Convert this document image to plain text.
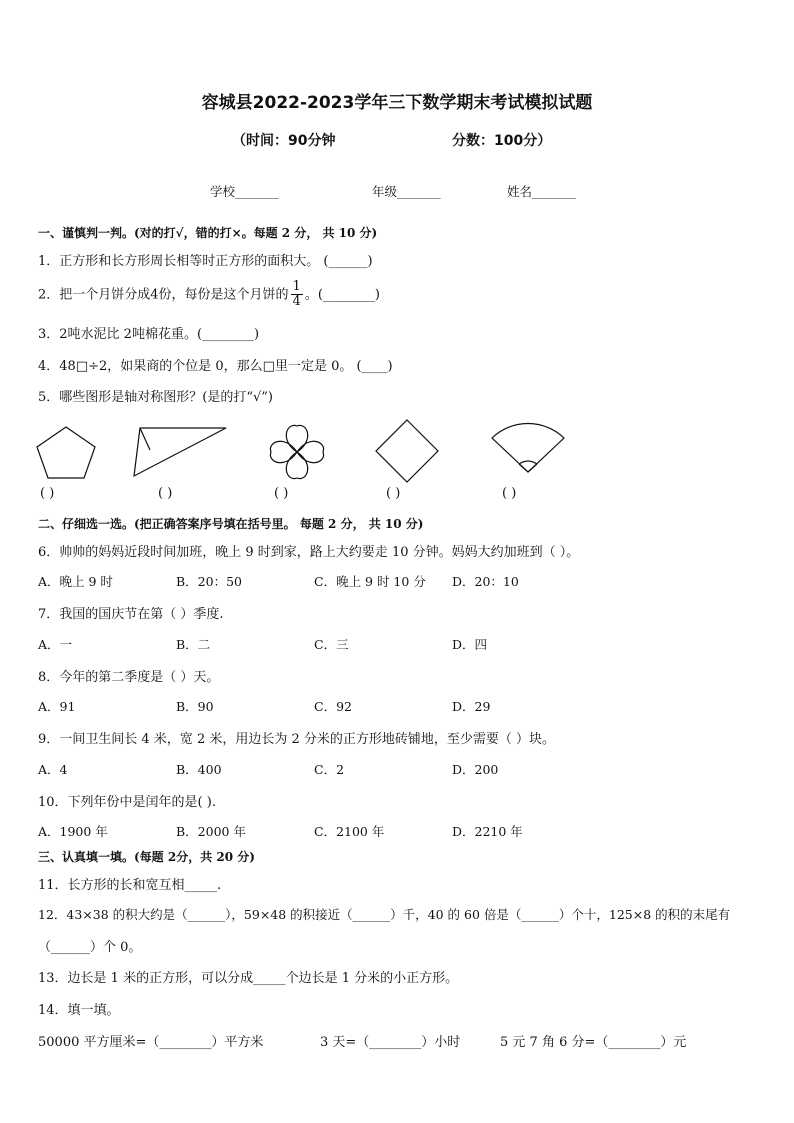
容城县2022-2023学年三下数学期末考试模拟试题
（时间：90分钟	分数：100分）
学校_______	年级_______	姓名_______
一、谨慎判一判。(对的打√，错的打×。每题 2 分， 共 10 分)
1．正方形和长方形周长相等时正方形的面积大。 (______)
2．把一个月饼分成4份，每份是这个月饼的 $\frac{1}{4}$ 。(________)
3．2吨水泥比 2吨棉花重。(________)
4．48□÷2，如果商的个位是 0，那么□里一定是 0。 (____)
5．哪些图形是轴对称图形？(是的打“√”)
( )	( )	( )	( )	( )
二、仔细选一选。(把正确答案序号填在括号里。 每题 2 分， 共 10 分)
6．帅帅的妈妈近段时间加班，晚上 9 时到家，路上大约要走 10 分钟。妈妈大约加班到（ ）。
A．晚上 9 时	B．20：50	C．晚上 9 时 10 分 D．20：10
7．我国的国庆节在第（ ）季度.
A．一	B．二	C．三	D．四
8．今年的第二季度是（ ）天。
A．91	B．90	C．92	D．29
9．一间卫生间长 4 米，宽 2 米，用边长为 2 分米的正方形地砖铺地，至少需要（ ）块。
A．4	B．400	C．2	D．200
10．下列年份中是闰年的是( ).
A．1900 年	B．2000 年	C．2100 年	D．2210 年
三、认真填一填。(每题 2分，共 20 分)
11．长方形的长和宽互相_____.
12．43×38 的积大约是（______），59×48 的积接近（______）千，40 的 60 倍是（______）个十，125×8 的积的末尾有
（______）个 0。
13．边长是 1 米的正方形，可以分成_____个边长是 1 分米的小正方形。
14．填一填。
50000 平方厘米=（________）平方米	3 天=（________）小时	5 元 7 角 6 分=（________）元
